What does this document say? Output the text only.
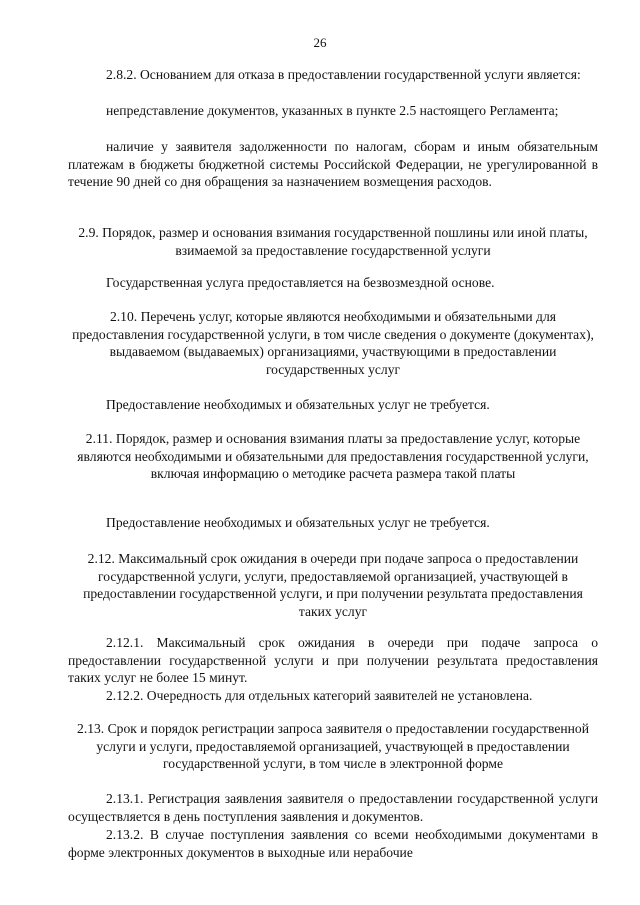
26

2.8.2. Основанием для отказа в предоставлении государственной услуги является:

непредставление документов, указанных в пункте 2.5 настоящего Регламента;

наличие у заявителя задолженности по налогам, сборам и иным обязательным платежам в бюджеты бюджетной системы Российской Федерации, не урегулированной в течение 90 дней со дня обращения за назначением возмещения расходов.

2.9. Порядок, размер и основания взимания государственной пошлины или иной платы, взимаемой за предоставление государственной услуги

Государственная услуга предоставляется на безвозмездной основе.

2.10. Перечень услуг, которые являются необходимыми и обязательными для предоставления государственной услуги, в том числе сведения о документе (документах), выдаваемом (выдаваемых) организациями, участвующими в предоставлении государственных услуг

Предоставление необходимых и обязательных услуг не требуется.

2.11. Порядок, размер и основания взимания платы за предоставление услуг, которые являются необходимыми и обязательными для предоставления государственной услуги, включая информацию о методике расчета размера такой платы

Предоставление необходимых и обязательных услуг не требуется.

2.12. Максимальный срок ожидания в очереди при подаче запроса о предоставлении государственной услуги, услуги, предоставляемой организацией, участвующей в предоставлении государственной услуги, и при получении результата предоставления таких услуг

2.12.1. Максимальный срок ожидания в очереди при подаче запроса о предоставлении государственной услуги и при получении результата предоставления таких услуг не более 15 минут.

2.12.2. Очередность для отдельных категорий заявителей не установлена.

2.13. Срок и порядок регистрации запроса заявителя о предоставлении государственной услуги и услуги, предоставляемой организацией, участвующей в предоставлении государственной услуги, в том числе в электронной форме

2.13.1. Регистрация заявления заявителя о предоставлении государственной услуги осуществляется в день поступления заявления и документов.

2.13.2. В случае поступления заявления со всеми необходимыми документами в форме электронных документов в выходные или нерабочие
